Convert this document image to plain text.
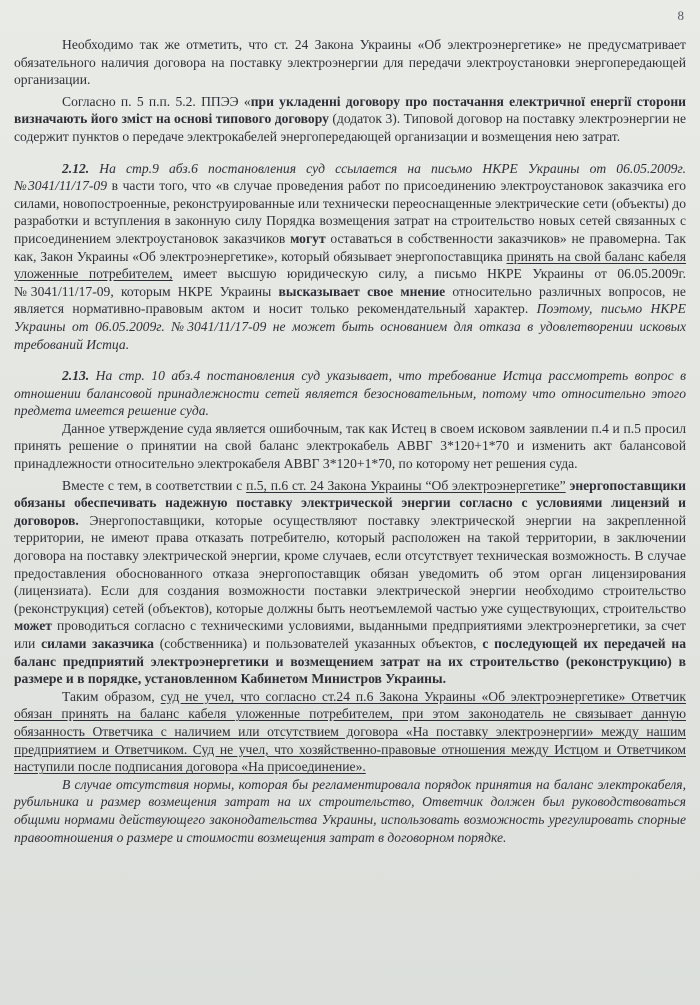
8

Необходимо так же отметить, что ст. 24 Закона Украины «Об электроэнергетике» не предусматривает обязательного наличия договора на поставку электроэнергии для передачи электроустановки энергопередающей организации.

Согласно п. 5 п.п. 5.2. ППЭЭ «при укладенні договору про постачання електричної енергії сторони визначають його зміст на основі типового договору (додаток 3). Типовой договор на поставку электроэнергии не содержит пунктов о передаче электрокабелей энергопередающей организации и возмещения нею затрат.

2.12. На стр.9 абз.6 постановления суд ссылается на письмо НКРЕ Украины от 06.05.2009г. №3041/11/17-09 в части того, что «в случае проведения работ по присоединению электроустановок заказчика его силами, новопостроенные, реконструированные или технически переоснащенные электрические сети (объекты) до разработки и вступления в законную силу Порядка возмещения затрат на строительство новых сетей связанных с присоединением электроустановок заказчиков могут оставаться в собственности заказчиков» не правомерна. Так как, Закон Украины «Об электроэнергетике», который обязывает энергопоставщика принять на свой баланс кабеля уложенные потребителем, имеет высшую юридическую силу, а письмо НКРЕ Украины от 06.05.2009г. №3041/11/17-09, которым НКРЕ Украины высказывает свое мнение относительно различных вопросов, не является нормативно-правовым актом и носит только рекомендательный характер. Поэтому, письмо НКРЕ Украины от 06.05.2009г. №3041/11/17-09 не может быть основанием для отказа в удовлетворении исковых требований Истца.

2.13. На стр. 10 абз.4 постановления суд указывает, что требование Истца рассмотреть вопрос в отношении балансовой принадлежности сетей является безосновательным, потому что относительно этого предмета имеется решение суда.

Данное утверждение суда является ошибочным, так как Истец в своем исковом заявлении п.4 и п.5 просил принять решение о принятии на свой баланс электрокабель АВВГ 3*120+1*70 и изменить акт балансовой принадлежности относительно электрокабеля АВВГ 3*120+1*70, по которому нет решения суда.

Вместе с тем, в соответствии с п.5, п.6 ст. 24 Закона Украины “Об электроэнергетике” энергопоставщики обязаны обеспечивать надежную поставку электрической энергии согласно с условиями лицензий и договоров. Энергопоставщики, которые осуществляют поставку электрической энергии на закрепленной территории, не имеют права отказать потребителю, который расположен на такой территории, в заключении договора на поставку электрической энергии, кроме случаев, если отсутствует техническая возможность. В случае предоставления обоснованного отказа энергопоставщик обязан уведомить об этом орган лицензирования (лицензиата). Если для создания возможности поставки электрической энергии необходимо строительство (реконструкция) сетей (объектов), которые должны быть неотъемлемой частью уже существующих, строительство может проводиться согласно с техническими условиями, выданными предприятиями электроэнергетики, за счет или силами заказчика (собственника) и пользователей указанных объектов, с последующей их передачей на баланс предприятий электроэнергетики и возмещением затрат на их строительство (реконструкцию) в размере и в порядке, установленном Кабинетом Министров Украины.

Таким образом, суд не учел, что согласно ст.24 п.6 Закона Украины «Об электроэнергетике» Ответчик обязан принять на баланс кабеля уложенные потребителем, при этом законодатель не связывает данную обязанность Ответчика с наличием или отсутствием договора «На поставку электроэнергии» между нашим предприятием и Ответчиком. Суд не учел, что хозяйственно-правовые отношения между Истцом и Ответчиком наступили после подписания договора «На присоединение».

В случае отсутствия нормы, которая бы регламентировала порядок принятия на баланс электрокабеля, рубильника и размер возмещения затрат на их строительство, Ответчик должен был руководствоваться общими нормами действующего законодательства Украины, использовать возможность урегулировать спорные правоотношения о размере и стоимости возмещения затрат в договорном порядке.
